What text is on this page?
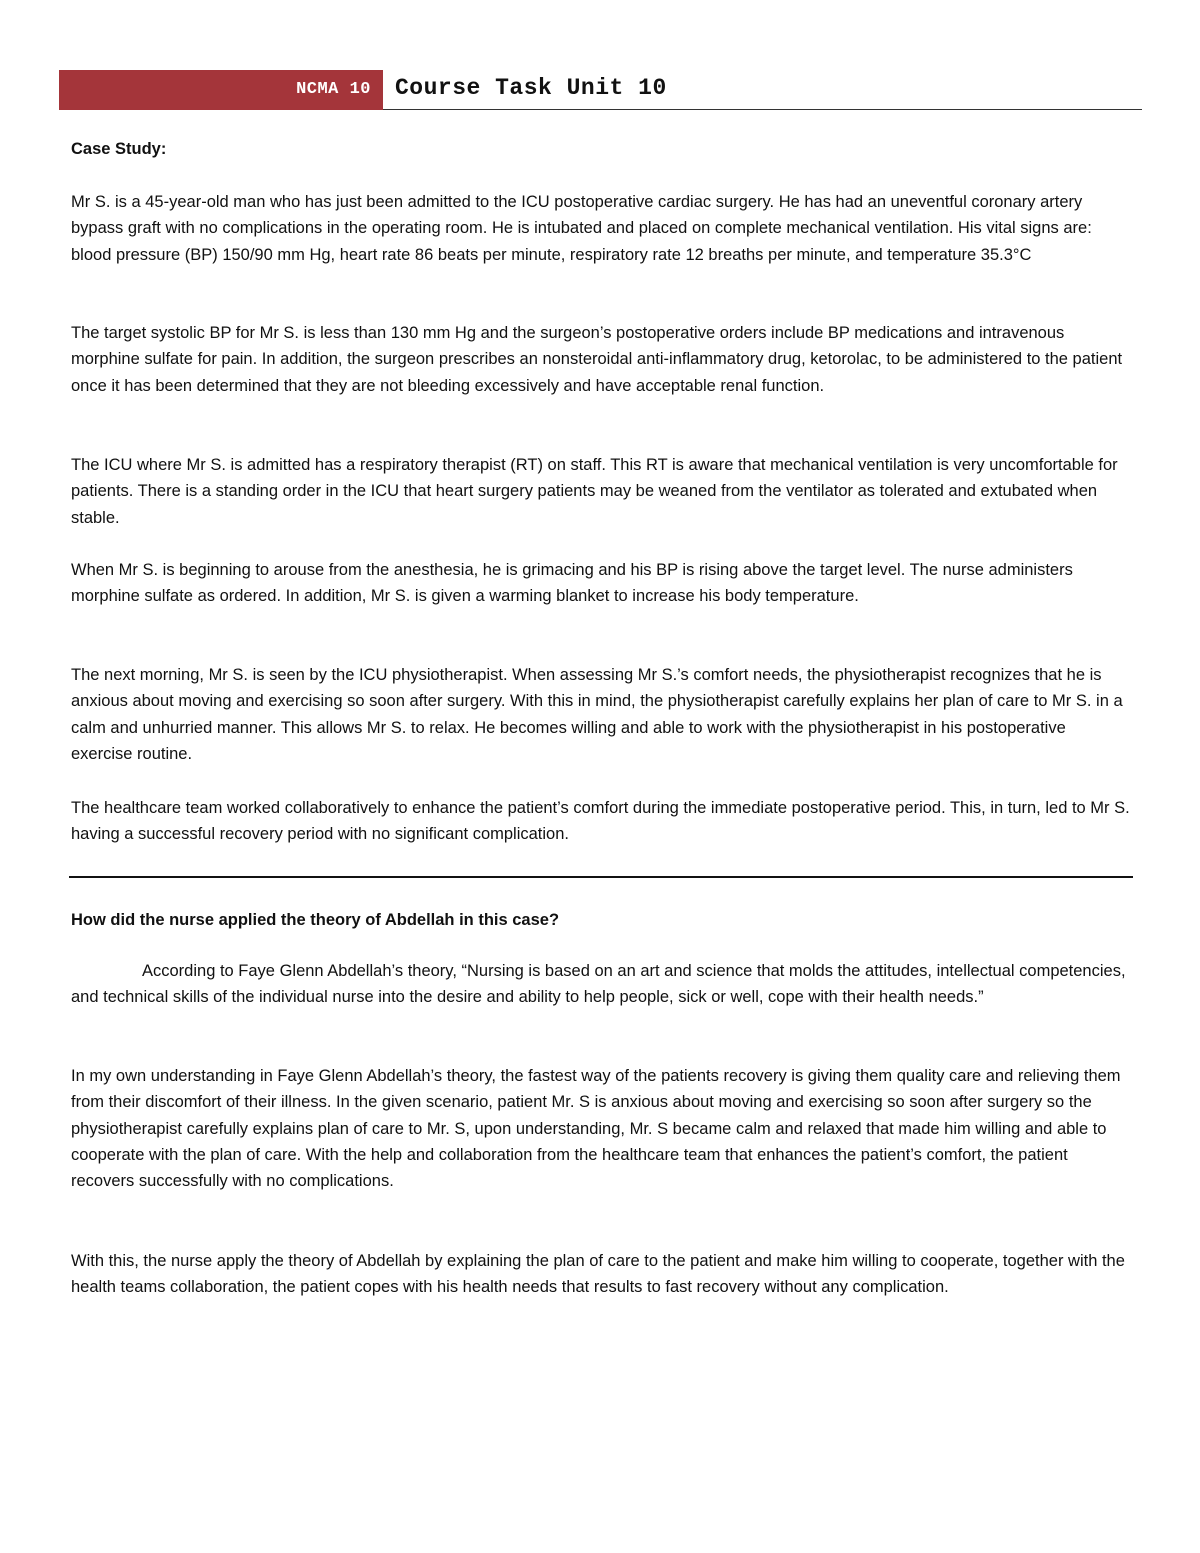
NCMA 10 Course Task Unit 10

Case Study:

Mr S. is a 45-year-old man who has just been admitted to the ICU postoperative cardiac surgery. He has had an uneventful coronary artery bypass graft with no complications in the operating room. He is intubated and placed on complete mechanical ventilation. His vital signs are: blood pressure (BP) 150/90 mm Hg, heart rate 86 beats per minute, respiratory rate 12 breaths per minute, and temperature 35.3°C

The target systolic BP for Mr S. is less than 130 mm Hg and the surgeon’s postoperative orders include BP medications and intravenous morphine sulfate for pain. In addition, the surgeon prescribes an nonsteroidal anti-inflammatory drug, ketorolac, to be administered to the patient once it has been determined that they are not bleeding excessively and have acceptable renal function.

The ICU where Mr S. is admitted has a respiratory therapist (RT) on staff. This RT is aware that mechanical ventilation is very uncomfortable for patients. There is a standing order in the ICU that heart surgery patients may be weaned from the ventilator as tolerated and extubated when stable.

When Mr S. is beginning to arouse from the anesthesia, he is grimacing and his BP is rising above the target level. The nurse administers morphine sulfate as ordered. In addition, Mr S. is given a warming blanket to increase his body temperature.

The next morning, Mr S. is seen by the ICU physiotherapist. When assessing Mr S.’s comfort needs, the physiotherapist recognizes that he is anxious about moving and exercising so soon after surgery. With this in mind, the physiotherapist carefully explains her plan of care to Mr S. in a calm and unhurried manner. This allows Mr S. to relax. He becomes willing and able to work with the physiotherapist in his postoperative exercise routine.

The healthcare team worked collaboratively to enhance the patient’s comfort during the immediate postoperative period. This, in turn, led to Mr S. having a successful recovery period with no significant complication.

How did the nurse applied the theory of Abdellah in this case?

According to Faye Glenn Abdellah’s theory, “Nursing is based on an art and science that molds the attitudes, intellectual competencies, and technical skills of the individual nurse into the desire and ability to help people, sick or well, cope with their health needs.”

In my own understanding in Faye Glenn Abdellah’s theory, the fastest way of the patients recovery is giving them quality care and relieving them from their discomfort of their illness. In the given scenario, patient Mr. S is anxious about moving and exercising so soon after surgery so the physiotherapist carefully explains plan of care to Mr. S, upon understanding, Mr. S became calm and relaxed that made him willing and able to cooperate with the plan of care. With the help and collaboration from the healthcare team that enhances the patient’s comfort, the patient recovers successfully with no complications.

With this, the nurse apply the theory of Abdellah by explaining the plan of care to the patient and make him willing to cooperate, together with the health teams collaboration, the patient copes with his health needs that results to fast recovery without any complication.
